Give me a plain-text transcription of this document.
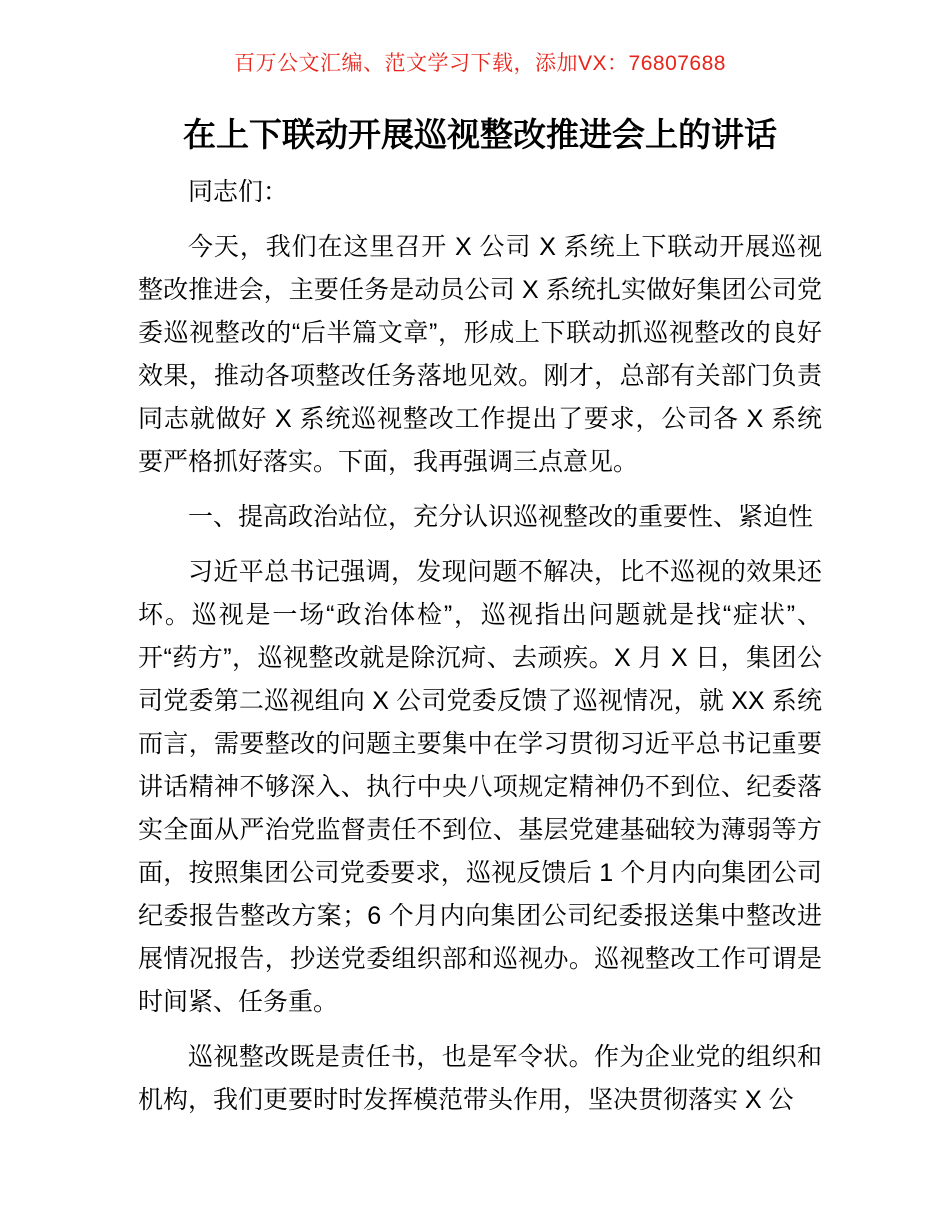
百万公文汇编、范文学习下载，添加VX：76807688
在上下联动开展巡视整改推进会上的讲话

同志们：

今天，我们在这里召开 X 公司 X 系统上下联动开展巡视整改推进会，主要任务是动员公司 X 系统扎实做好集团公司党委巡视整改的“后半篇文章”，形成上下联动抓巡视整改的良好效果，推动各项整改任务落地见效。刚才，总部有关部门负责同志就做好 X 系统巡视整改工作提出了要求，公司各 X 系统要严格抓好落实。下面，我再强调三点意见。

一、提高政治站位，充分认识巡视整改的重要性、紧迫性

习近平总书记强调，发现问题不解决，比不巡视的效果还坏。巡视是一场“政治体检”，巡视指出问题就是找“症状”、开“药方”，巡视整改就是除沉疴、去顽疾。X 月 X 日，集团公司党委第二巡视组向 X 公司党委反馈了巡视情况，就 XX 系统而言，需要整改的问题主要集中在学习贯彻习近平总书记重要讲话精神不够深入、执行中央八项规定精神仍不到位、纪委落实全面从严治党监督责任不到位、基层党建基础较为薄弱等方面，按照集团公司党委要求，巡视反馈后 1 个月内向集团公司纪委报告整改方案；6 个月内向集团公司纪委报送集中整改进展情况报告，抄送党委组织部和巡视办。巡视整改工作可谓是时间紧、任务重。

巡视整改既是责任书，也是军令状。作为企业党的组织和机构，我们更要时时发挥模范带头作用，坚决贯彻落实 X 公
